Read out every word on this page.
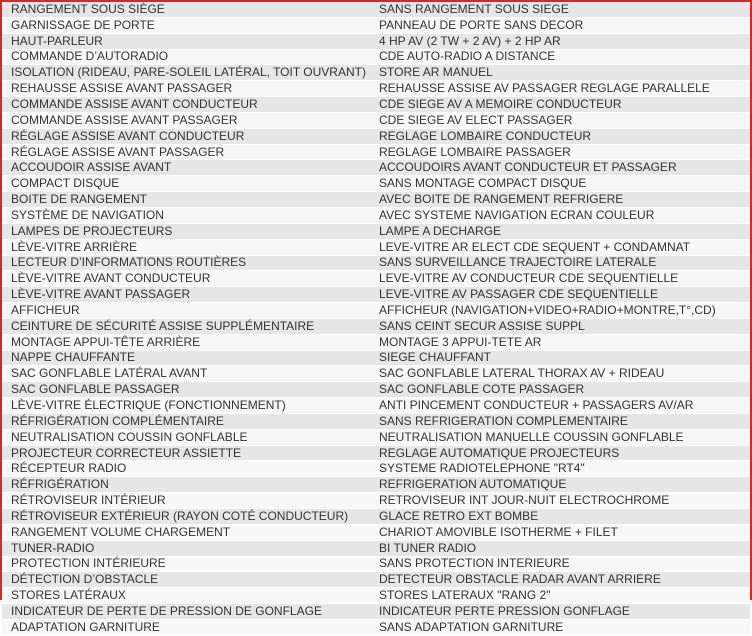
RANGEMENT SOUS SIÈGE	SANS RANGEMENT SOUS SIEGE
GARNISSAGE DE PORTE	PANNEAU DE PORTE SANS DECOR
HAUT-PARLEUR	4 HP AV (2 TW + 2 AV) + 2 HP AR
COMMANDE D’AUTORADIO	CDE AUTO-RADIO A DISTANCE
ISOLATION (RIDEAU, PARE-SOLEIL LATÉRAL, TOIT OUVRANT)	STORE AR MANUEL
REHAUSSE ASSISE AVANT PASSAGER	REHAUSSE ASSISE AV PASSAGER REGLAGE PARALLELE
COMMANDE ASSISE AVANT CONDUCTEUR	CDE SIEGE AV A MEMOIRE CONDUCTEUR
COMMANDE ASSISE AVANT PASSAGER	CDE SIEGE AV ELECT PASSAGER
RÉGLAGE ASSISE AVANT CONDUCTEUR	REGLAGE LOMBAIRE CONDUCTEUR
RÉGLAGE ASSISE AVANT PASSAGER	REGLAGE LOMBAIRE PASSAGER
ACCOUDOIR ASSISE AVANT	ACCOUDOIRS AVANT CONDUCTEUR ET PASSAGER
COMPACT DISQUE	SANS MONTAGE COMPACT DISQUE
BOITE DE RANGEMENT	AVEC BOITE DE RANGEMENT REFRIGERE
SYSTÈME DE NAVIGATION	AVEC SYSTEME NAVIGATION ECRAN COULEUR
LAMPES DE PROJECTEURS	LAMPE A DECHARGE
LÈVE-VITRE ARRIÈRE	LEVE-VITRE AR ELECT CDE SEQUENT + CONDAMNAT
LECTEUR D’INFORMATIONS ROUTIÈRES	SANS SURVEILLANCE TRAJECTOIRE LATERALE
LÈVE-VITRE AVANT CONDUCTEUR	LEVE-VITRE AV CONDUCTEUR CDE SEQUENTIELLE
LÈVE-VITRE AVANT PASSAGER	LEVE-VITRE AV PASSAGER CDE SEQUENTIELLE
AFFICHEUR	AFFICHEUR (NAVIGATION+VIDEO+RADIO+MONTRE,T°,CD)
CEINTURE DE SÉCURITÉ ASSISE SUPPLÉMENTAIRE	SANS CEINT SECUR ASSISE SUPPL
MONTAGE APPUI-TÊTE ARRIÈRE	MONTAGE 3 APPUI-TETE AR
NAPPE CHAUFFANTE	SIEGE CHAUFFANT
SAC GONFLABLE LATÉRAL AVANT	SAC GONFLABLE LATERAL THORAX AV + RIDEAU
SAC GONFLABLE PASSAGER	SAC GONFLABLE COTE PASSAGER
LÈVE-VITRE ÉLECTRIQUE (FONCTIONNEMENT)	ANTI PINCEMENT CONDUCTEUR + PASSAGERS AV/AR
RÉFRIGÉRATION COMPLÉMENTAIRE	SANS REFRIGERATION COMPLEMENTAIRE
NEUTRALISATION COUSSIN GONFLABLE	NEUTRALISATION MANUELLE COUSSIN GONFLABLE
PROJECTEUR CORRECTEUR ASSIETTE	REGLAGE AUTOMATIQUE PROJECTEURS
RÉCEPTEUR RADIO	SYSTEME RADIOTELEPHONE "RT4"
RÉFRIGÉRATION	REFRIGERATION AUTOMATIQUE
RÉTROVISEUR INTÉRIEUR	RETROVISEUR INT JOUR-NUIT ELECTROCHROME
RÉTROVISEUR EXTÉRIEUR (RAYON COTÉ CONDUCTEUR)	GLACE RETRO EXT BOMBE
RANGEMENT VOLUME CHARGEMENT	CHARIOT AMOVIBLE ISOTHERME + FILET
TUNER-RADIO	BI TUNER RADIO
PROTECTION INTÉRIEURE	SANS PROTECTION INTERIEURE
DÉTECTION D’OBSTACLE	DETECTEUR OBSTACLE RADAR AVANT ARRIERE
STORES LATÉRAUX	STORES LATERAUX "RANG 2"
INDICATEUR DE PERTE DE PRESSION DE GONFLAGE	INDICATEUR PERTE PRESSION GONFLAGE
ADAPTATION GARNITURE	SANS ADAPTATION GARNITURE
